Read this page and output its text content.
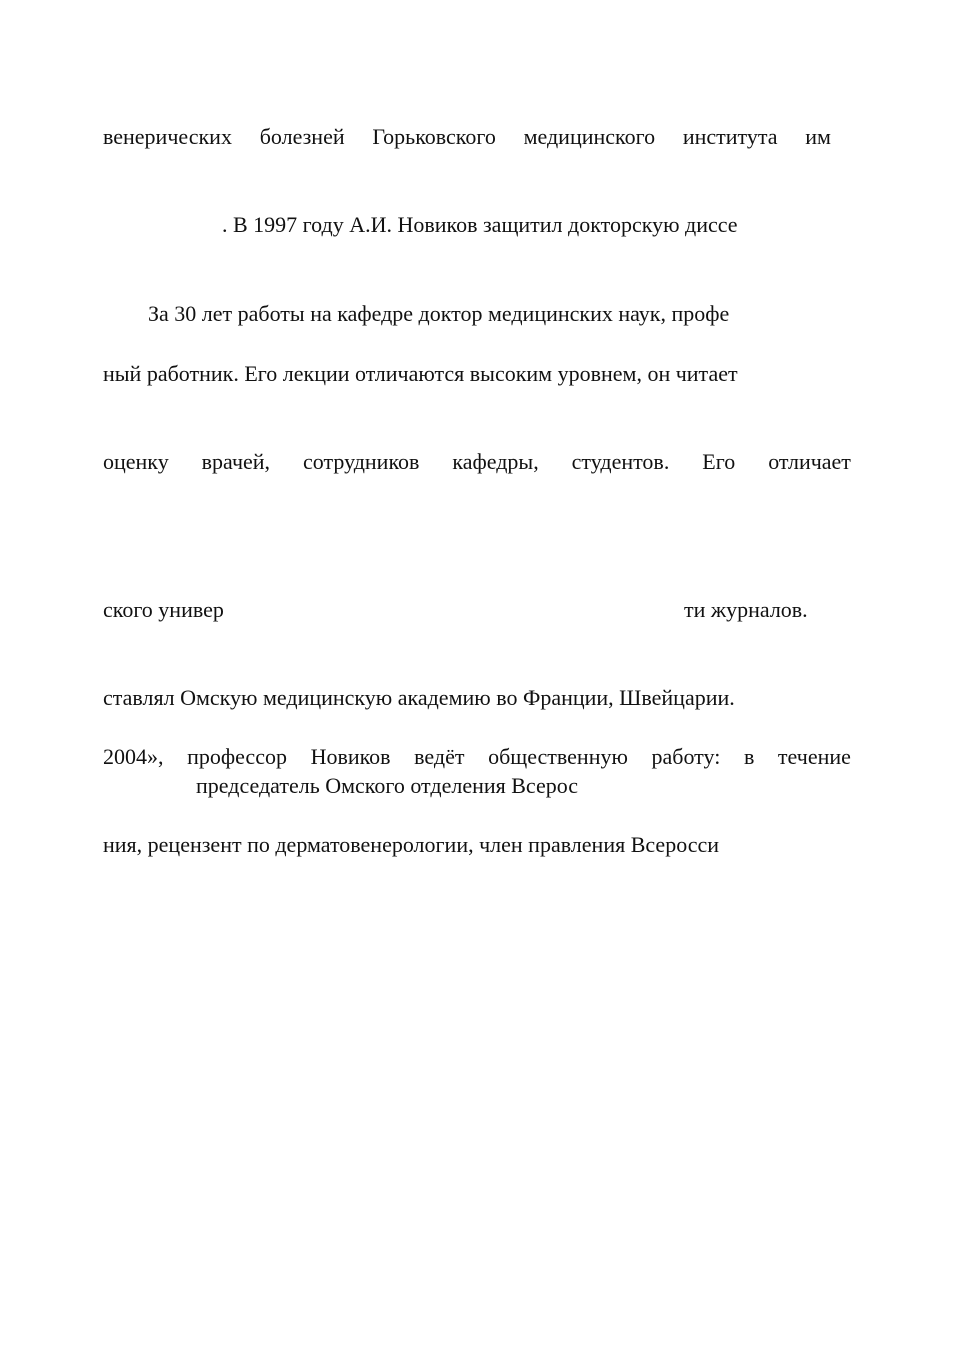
венерических болезней Горьковского медицинского института им

. В 1997 году А.И. Новиков защитил докторскую диссе

За 30 лет работы на кафедре доктор медицинских наук, профе

ный работник. Его лекции отличаются высоким уровнем, он читает

оценку врачей, сотрудников кафедры, студентов. Его отличает

ского универ	ти журналов.

ставлял Омскую медицинскую академию во Франции, Швейцарии.

2004», профессор Новиков ведёт общественную работу: в течение

председатель Омского отделения Всерос

ния, рецензент по дерматовенерологии, член правления Всеросси
